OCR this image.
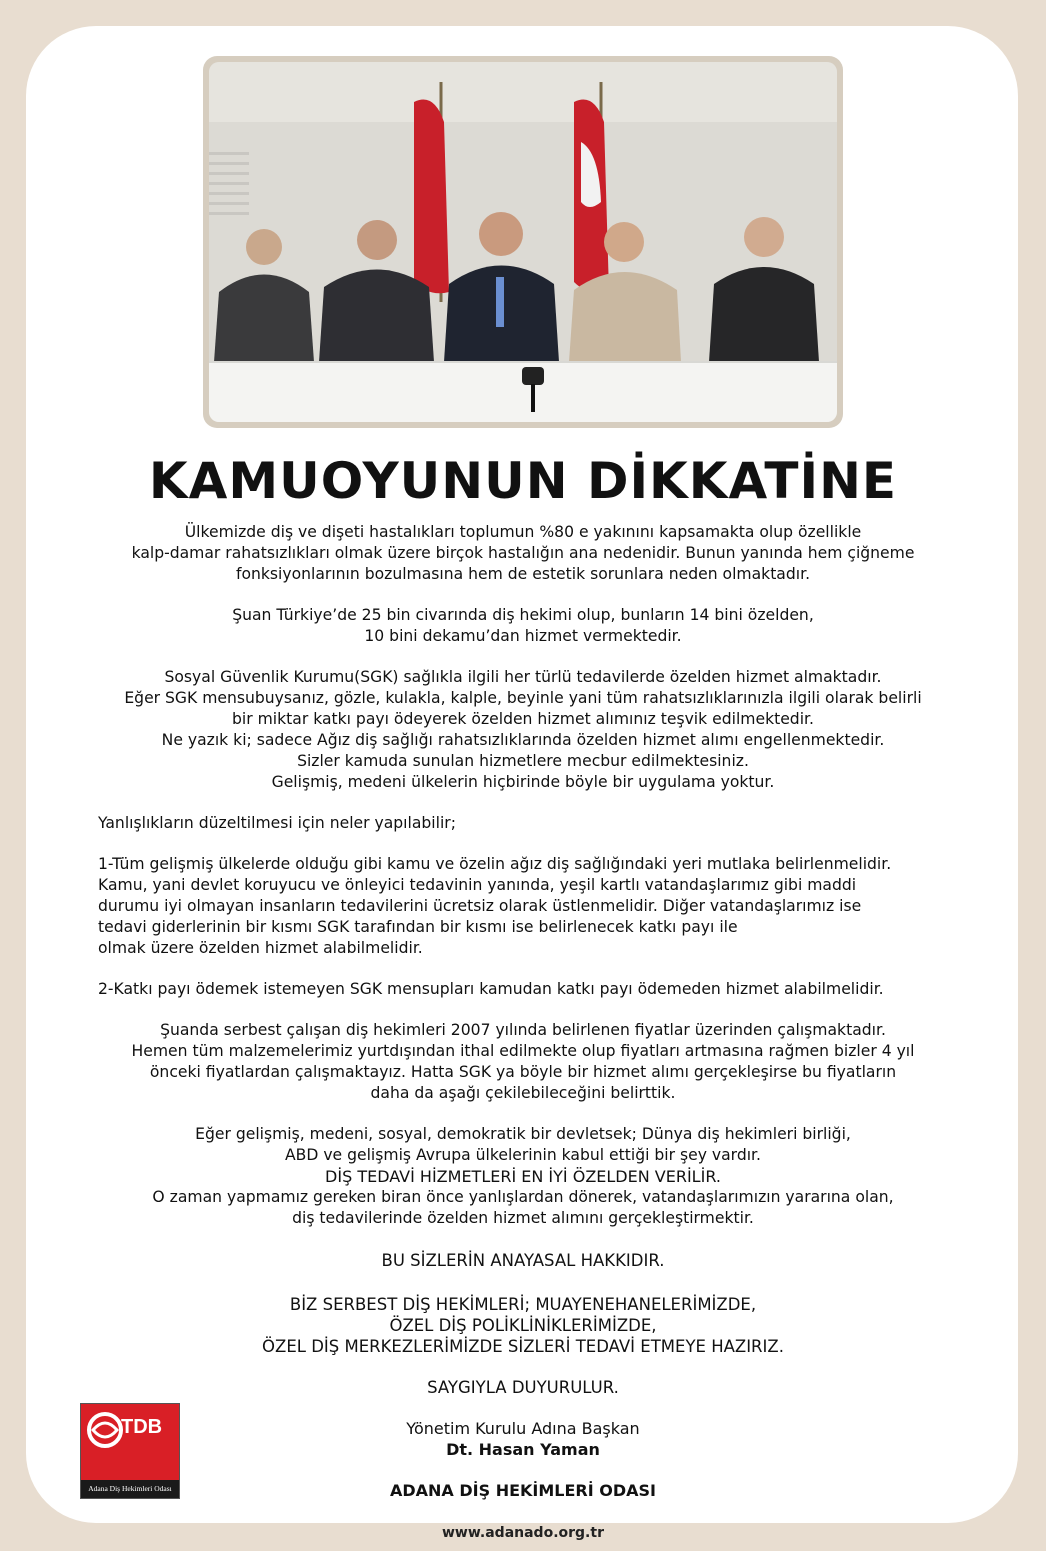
KAMUOYUNUN DİKKATİNE

Ülkemizde diş ve dişeti hastalıkları toplumun %80 e yakınını kapsamakta olup özellikle
kalp-damar rahatsızlıkları olmak üzere birçok hastalığın ana nedenidir. Bunun yanında hem çiğneme
fonksiyonlarının bozulmasına hem de estetik sorunlara neden olmaktadır.

Şuan Türkiye’de 25 bin civarında diş hekimi olup, bunların 14 bini özelden,
10 bini dekamu’dan hizmet vermektedir.

Sosyal Güvenlik Kurumu(SGK) sağlıkla ilgili her türlü tedavilerde özelden hizmet almaktadır.
Eğer SGK mensubuysanız, gözle, kulakla, kalple, beyinle yani tüm rahatsızlıklarınızla ilgili olarak belirli
bir miktar katkı payı ödeyerek özelden hizmet alımınız teşvik edilmektedir.
Ne yazık ki; sadece Ağız diş sağlığı rahatsızlıklarında özelden hizmet alımı engellenmektedir.
Sizler kamuda sunulan hizmetlere mecbur edilmektesiniz.
Gelişmiş, medeni ülkelerin hiçbirinde böyle bir uygulama yoktur.

Yanlışlıkların düzeltilmesi için neler yapılabilir;

1-Tüm gelişmiş ülkelerde olduğu gibi kamu ve özelin ağız diş sağlığındaki yeri mutlaka belirlenmelidir.
Kamu, yani devlet koruyucu ve önleyici tedavinin yanında, yeşil kartlı vatandaşlarımız gibi maddi
durumu iyi olmayan insanların tedavilerini ücretsiz olarak üstlenmelidir. Diğer vatandaşlarımız ise
tedavi giderlerinin bir kısmı SGK tarafından bir kısmı ise belirlenecek katkı payı ile
olmak üzere özelden hizmet alabilmelidir.

2-Katkı payı ödemek istemeyen SGK mensupları kamudan katkı payı ödemeden hizmet alabilmelidir.

Şuanda serbest çalışan diş hekimleri 2007 yılında belirlenen fiyatlar üzerinden çalışmaktadır.
Hemen tüm malzemelerimiz yurtdışından ithal edilmekte olup fiyatları artmasına rağmen bizler 4 yıl
önceki fiyatlardan çalışmaktayız. Hatta SGK ya böyle bir hizmet alımı gerçekleşirse bu fiyatların
daha da aşağı çekilebileceğini belirttik.

Eğer gelişmiş, medeni, sosyal, demokratik bir devletsek; Dünya diş hekimleri birliği,
ABD ve gelişmiş Avrupa ülkelerinin kabul ettiği bir şey vardır.

DİŞ TEDAVİ HİZMETLERİ EN İYİ ÖZELDEN VERİLİR.

O zaman yapmamız gereken biran önce yanlışlardan dönerek, vatandaşlarımızın yararına olan,
diş tedavilerinde özelden hizmet alımını gerçekleştirmektir.

BU SİZLERİN ANAYASAL HAKKIDIR.
BİZ SERBEST DİŞ HEKİMLERİ; MUAYENEHANELERİMİZDE,
ÖZEL DİŞ POLİKLİNİKLERİMİZDE,
ÖZEL DİŞ MERKEZLERİMİZDE SİZLERİ TEDAVİ ETMEYE HAZIRIZ.
SAYGIYLA DUYURULUR.
Yönetim Kurulu Adına Başkan
Dt. Hasan Yaman
ADANA DİŞ HEKİMLERİ ODASI
TDB
Adana Diş Hekimleri Odası
www.adanado.org.tr
